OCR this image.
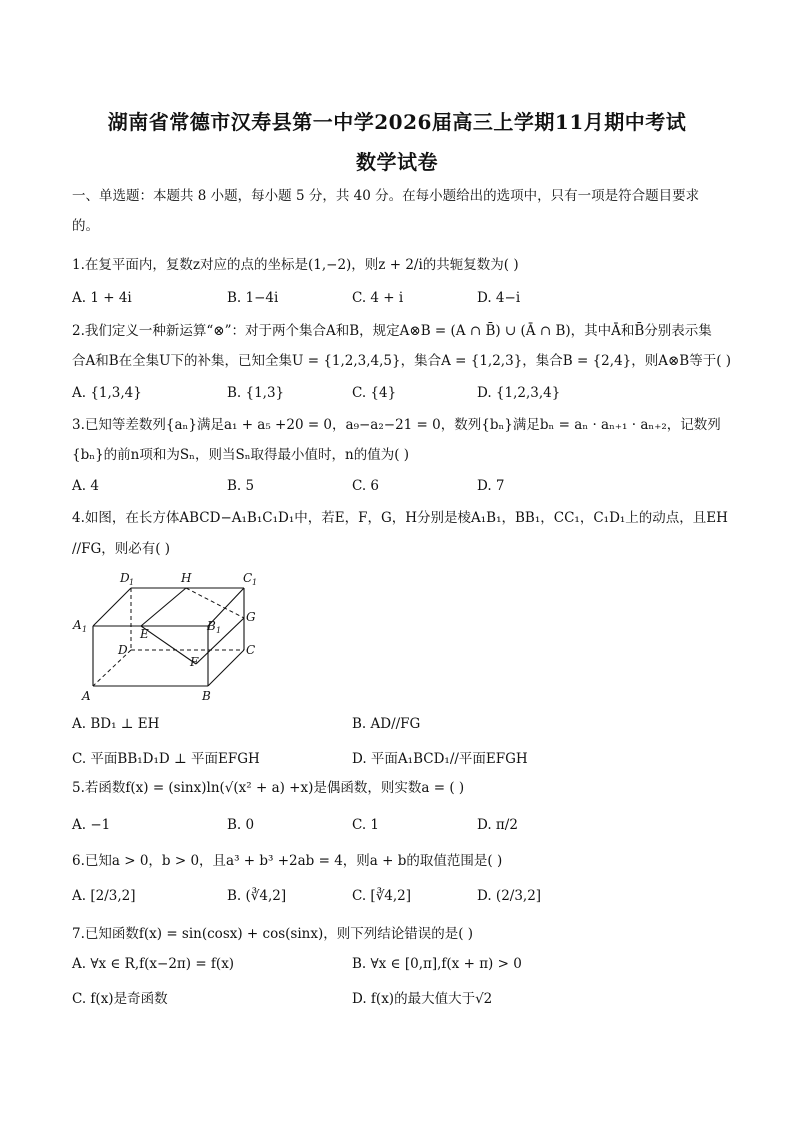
湖南省常德市汉寿县第一中学2026届高三上学期11月期中考试
数学试卷
一、单选题：本题共 8 小题，每小题 5 分，共 40 分。在每小题给出的选项中，只有一项是符合题目要求
的。
1.在复平面内，复数z对应的点的坐标是(1,−2)，则z + 2/i的共轭复数为( )
A. 1 + 4i	B. 1−4i	C. 4 + i	D. 4−i
2.我们定义一种新运算“⊗”：对于两个集合A和B，规定A⊗B = (A ∩ B̄) ∪ (Ā ∩ B)，其中Ā和B̄分别表示集
合A和B在全集U下的补集，已知全集U = {1,2,3,4,5}，集合A = {1,2,3}，集合B = {2,4}，则A⊗B等于( )
A. {1,3,4}	B. {1,3}	C. {4}	D. {1,2,3,4}
3.已知等差数列{aₙ}满足a₁ + a₅ +20 = 0，a₉−a₂−21 = 0，数列{bₙ}满足bₙ = aₙ · aₙ₊₁ · aₙ₊₂，记数列
{bₙ}的前n项和为Sₙ，则当Sₙ取得最小值时，n的值为( )
A. 4	B. 5	C. 6	D. 7
4.如图，在长方体ABCD−A₁B₁C₁D₁中，若E，F，G，H分别是棱A₁B₁，BB₁，CC₁，C₁D₁上的动点，且EH
//FG，则必有( )
D 1	H	C 1
A 1	E
B 1
G
D	C
F
A	B
A. BD₁ ⊥ EH	B. AD//FG
C. 平面BB₁D₁D ⊥ 平面EFGH	D. 平面A₁BCD₁//平面EFGH
5.若函数f(x) = (sinx)ln(√(x² + a) +x)是偶函数，则实数a = ( )
A. −1	B. 0	C. 1	D. π/2
6.已知a > 0，b > 0，且a³ + b³ +2ab = 4，则a + b的取值范围是( )
A. [2/3,2]	B. (∛4,2]	C. [∛4,2]	D. (2/3,2]
7.已知函数f(x) = sin(cosx) + cos(sinx)，则下列结论错误的是( )
A. ∀x ∈ R,f(x−2π) = f(x)	B. ∀x ∈ [0,π],f(x + π) > 0
C. f(x)是奇函数	D. f(x)的最大值大于√2
